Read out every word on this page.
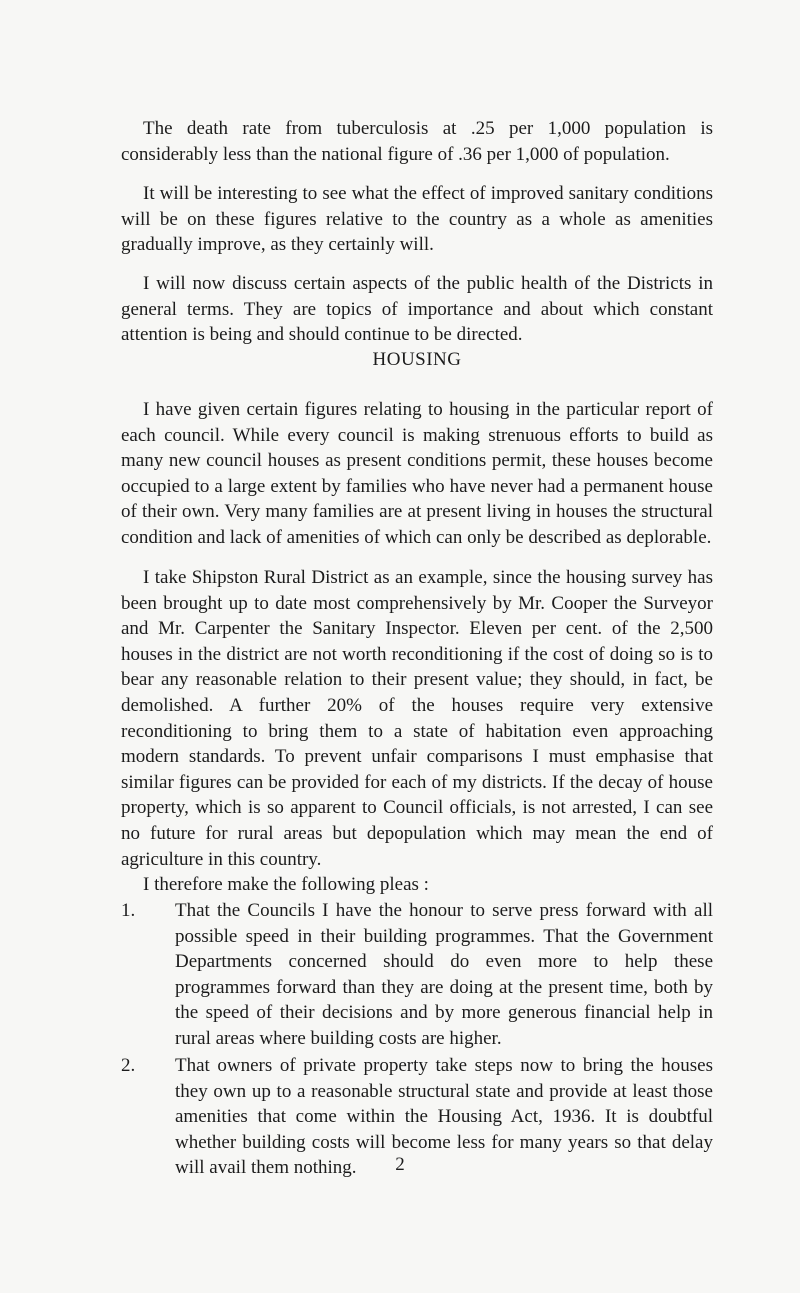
The death rate from tuberculosis at .25 per 1,000 population is considerably less than the national figure of .36 per 1,000 of population.

It will be interesting to see what the effect of improved sanitary conditions will be on these figures relative to the country as a whole as amenities gradually improve, as they certainly will.

I will now discuss certain aspects of the public health of the Districts in general terms. They are topics of importance and about which constant attention is being and should continue to be directed.

HOUSING

I have given certain figures relating to housing in the particular report of each council. While every council is making strenuous efforts to build as many new council houses as present conditions permit, these houses become occupied to a large extent by families who have never had a permanent house of their own. Very many families are at present living in houses the structural condition and lack of amenities of which can only be described as deplorable.

I take Shipston Rural District as an example, since the housing survey has been brought up to date most comprehensively by Mr. Cooper the Surveyor and Mr. Carpenter the Sanitary Inspector. Eleven per cent. of the 2,500 houses in the district are not worth reconditioning if the cost of doing so is to bear any reasonable relation to their present value; they should, in fact, be demolished. A further 20% of the houses require very extensive reconditioning to bring them to a state of habitation even approaching modern standards. To prevent unfair comparisons I must emphasise that similar figures can be provided for each of my districts. If the decay of house property, which is so apparent to Council officials, is not arrested, I can see no future for rural areas but depopulation which may mean the end of agriculture in this country.

I therefore make the following pleas :

1.	That the Councils I have the honour to serve press forward with all possible speed in their building programmes. That the Government Departments concerned should do even more to help these programmes forward than they are doing at the present time, both by the speed of their decisions and by more generous financial help in rural areas where building costs are higher.
2.	That owners of private property take steps now to bring the houses they own up to a reasonable structural state and provide at least those amenities that come within the Housing Act, 1936. It is doubtful whether building costs will become less for many years so that delay will avail them nothing.	2
